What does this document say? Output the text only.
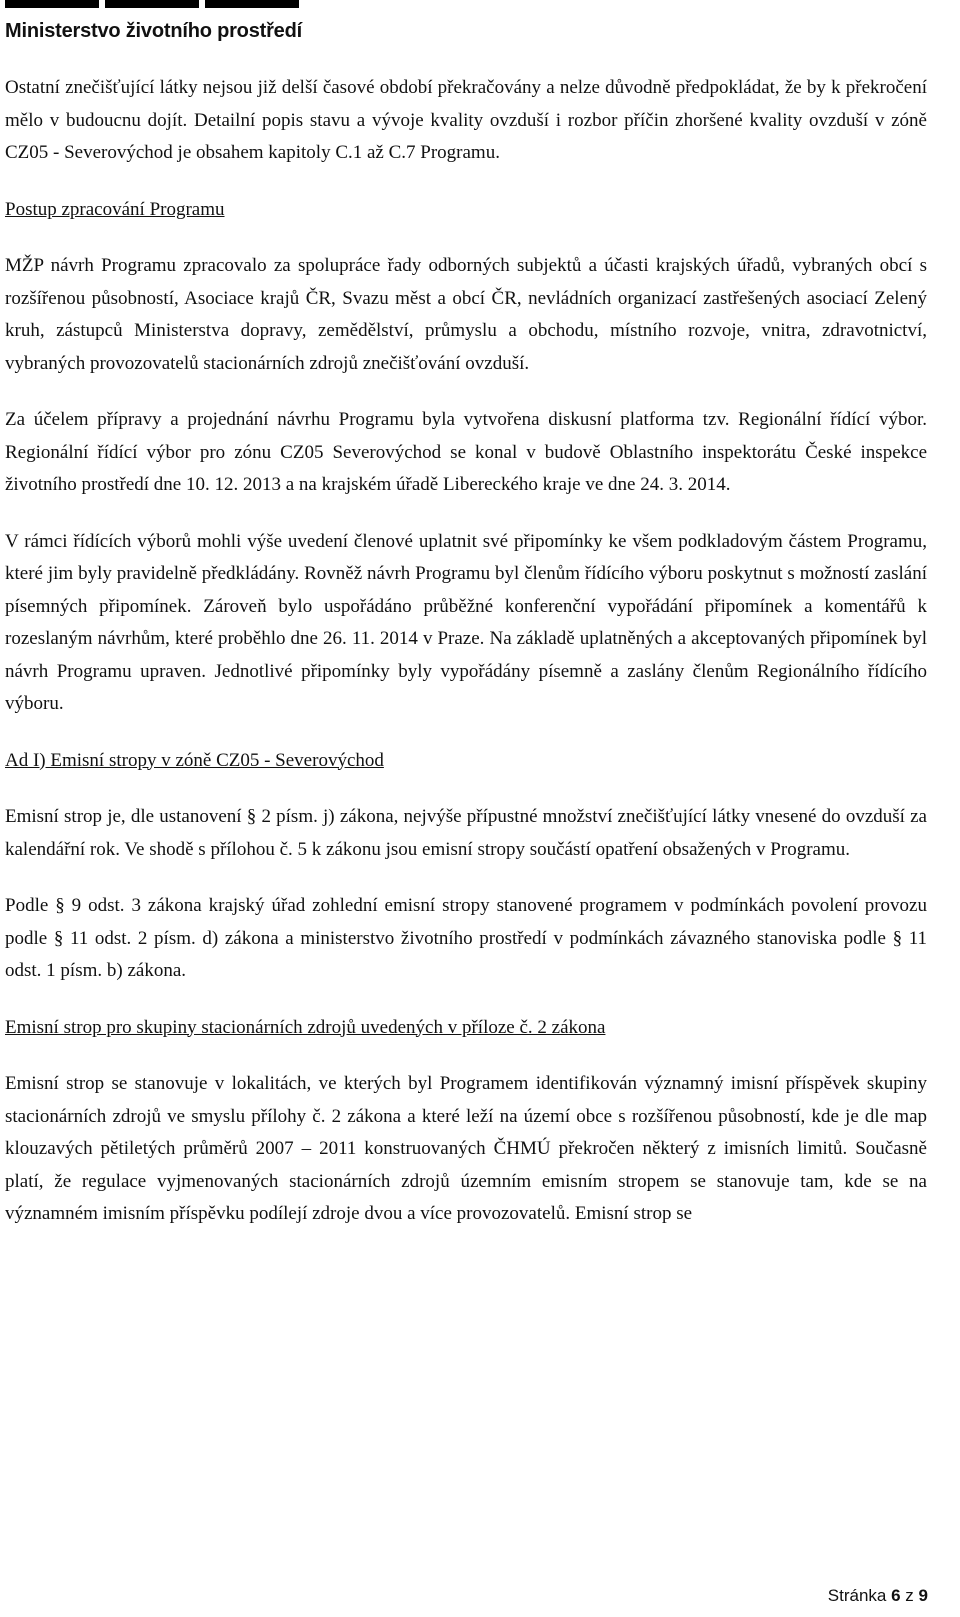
Ministerstvo životního prostředí

Ostatní znečišťující látky nejsou již delší časové období překračovány a nelze důvodně předpokládat, že by k překročení mělo v budoucnu dojít. Detailní popis stavu a vývoje kvality ovzduší i rozbor příčin zhoršené kvality ovzduší v zóně CZ05 - Severovýchod je obsahem kapitoly C.1 až C.7 Programu.

Postup zpracování Programu

MŽP návrh Programu zpracovalo za spolupráce řady odborných subjektů a účasti krajských úřadů, vybraných obcí s rozšířenou působností, Asociace krajů ČR, Svazu měst a obcí ČR, nevládních organizací zastřešených asociací Zelený kruh, zástupců Ministerstva dopravy, zemědělství, průmyslu a obchodu, místního rozvoje, vnitra, zdravotnictví, vybraných provozovatelů stacionárních zdrojů znečišťování ovzduší.

Za účelem přípravy a projednání návrhu Programu byla vytvořena diskusní platforma tzv. Regionální řídící výbor. Regionální řídící výbor pro zónu CZ05 Severovýchod se konal v budově Oblastního inspektorátu České inspekce životního prostředí dne 10. 12. 2013 a na krajském úřadě Libereckého kraje ve dne 24. 3. 2014.

V rámci řídících výborů mohli výše uvedení členové uplatnit své připomínky ke všem podkladovým částem Programu, které jim byly pravidelně předkládány. Rovněž návrh Programu byl členům řídícího výboru poskytnut s možností zaslání písemných připomínek. Zároveň bylo uspořádáno průběžné konferenční vypořádání připomínek a komentářů k rozeslaným návrhům, které proběhlo dne 26. 11. 2014 v Praze. Na základě uplatněných a akceptovaných připomínek byl návrh Programu upraven. Jednotlivé připomínky byly vypořádány písemně a zaslány členům Regionálního řídícího výboru.

Ad I) Emisní stropy v zóně CZ05 - Severovýchod

Emisní strop je, dle ustanovení § 2 písm. j) zákona, nejvýše přípustné množství znečišťující látky vnesené do ovzduší za kalendářní rok. Ve shodě s přílohou č. 5 k zákonu jsou emisní stropy součástí opatření obsažených v Programu.

Podle § 9 odst. 3 zákona krajský úřad zohlední emisní stropy stanovené programem v podmínkách povolení provozu podle § 11 odst. 2 písm. d) zákona a ministerstvo životního prostředí v podmínkách závazného stanoviska podle § 11 odst. 1 písm. b) zákona.

Emisní strop pro skupiny stacionárních zdrojů uvedených v příloze č. 2 zákona

Emisní strop se stanovuje v lokalitách, ve kterých byl Programem identifikován významný imisní příspěvek skupiny stacionárních zdrojů ve smyslu přílohy č. 2 zákona a které leží na území obce s rozšířenou působností, kde je dle map klouzavých pětiletých průměrů 2007 – 2011 konstruovaných ČHMÚ překročen některý z imisních limitů. Současně platí, že regulace vyjmenovaných stacionárních zdrojů územním emisním stropem se stanovuje tam, kde se na významném imisním příspěvku podílejí zdroje dvou a více provozovatelů. Emisní strop se

Stránka 6 z 9
